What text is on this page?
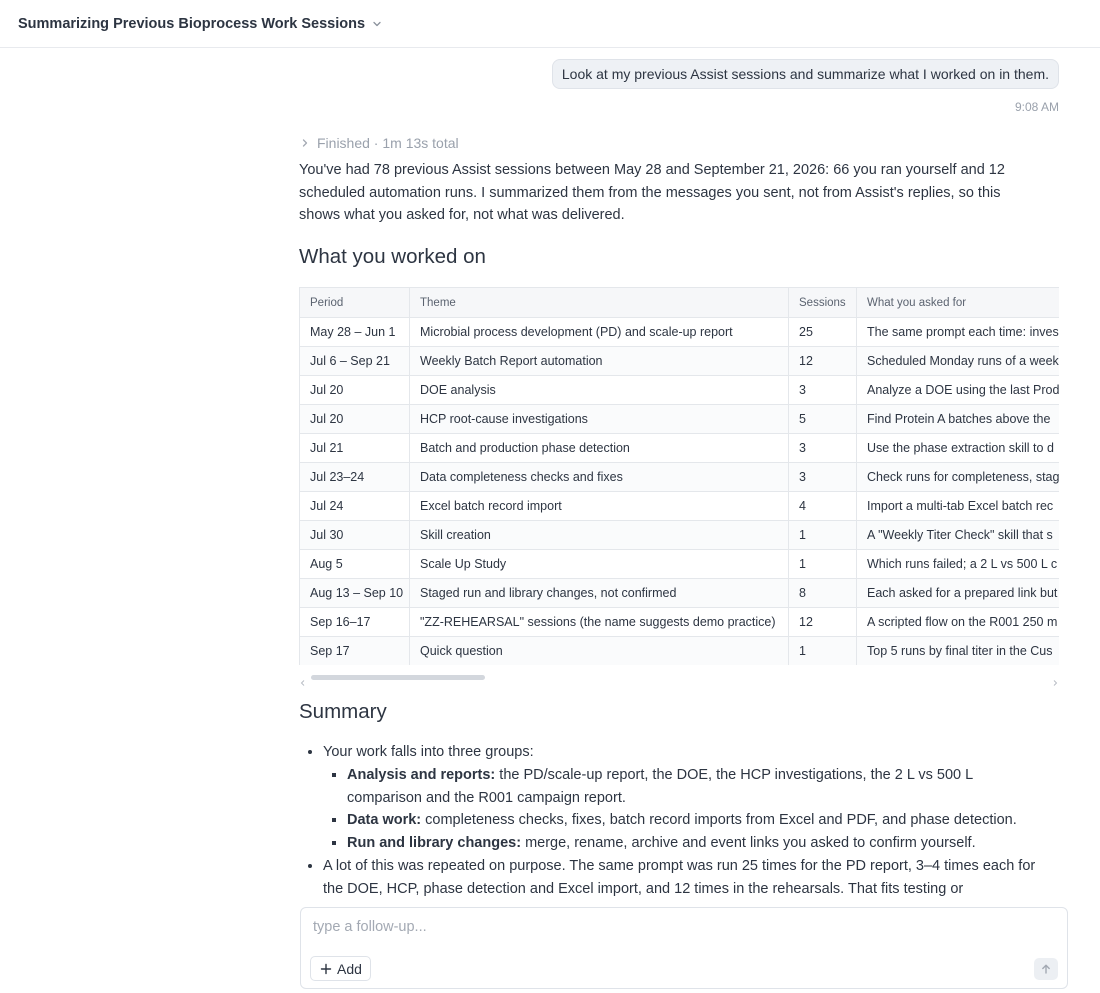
Summarizing Previous Bioprocess Work Sessions
Look at my previous Assist sessions and summarize what I worked on in them.
9:08 AM
Finished · 1m 13s total

You've had 78 previous Assist sessions between May 28 and September 21, 2026: 66 you ran yourself and 12 scheduled automation runs. I summarized them from the messages you sent, not from Assist's replies, so this shows what you asked for, not what was delivered.

What you worked on
Period	Theme	Sessions	What you asked for
May 28 – Jun 1	Microbial process development (PD) and scale-up report	25	The same prompt each time: inves
Jul 6 – Sep 21	Weekly Batch Report automation	12	Scheduled Monday runs of a week
Jul 20	DOE analysis	3	Analyze a DOE using the last Prod
Jul 20	HCP root-cause investigations	5	Find Protein A batches above the
Jul 21	Batch and production phase detection	3	Use the phase extraction skill to d
Jul 23–24	Data completeness checks and fixes	3	Check runs for completeness, stag
Jul 24	Excel batch record import	4	Import a multi-tab Excel batch rec
Jul 30	Skill creation	1	A "Weekly Titer Check" skill that s
Aug 5	Scale Up Study	1	Which runs failed; a 2 L vs 500 L c
Aug 13 – Sep 10	Staged run and library changes, not confirmed	8	Each asked for a prepared link but
Sep 16–17	"ZZ-REHEARSAL" sessions (the name suggests demo practice)	12	A scripted flow on the R001 250 m
Sep 17	Quick question	1	Top 5 runs by final titer in the Cus
Summary
• Your work falls into three groups:
▪ Analysis and reports: the PD/scale-up report, the DOE, the HCP investigations, the 2 L vs 500 L comparison and the R001 campaign report.
▪ Data work: completeness checks, fixes, batch record imports from Excel and PDF, and phase detection.
▪ Run and library changes: merge, rename, archive and event links you asked to confirm yourself.
• A lot of this was repeated on purpose. The same prompt was run 25 times for the PD report, 3–4 times each for the DOE, HCP, phase detection and Excel import, and 12 times in the rehearsals. That fits testing or
type a follow-up...
Add
